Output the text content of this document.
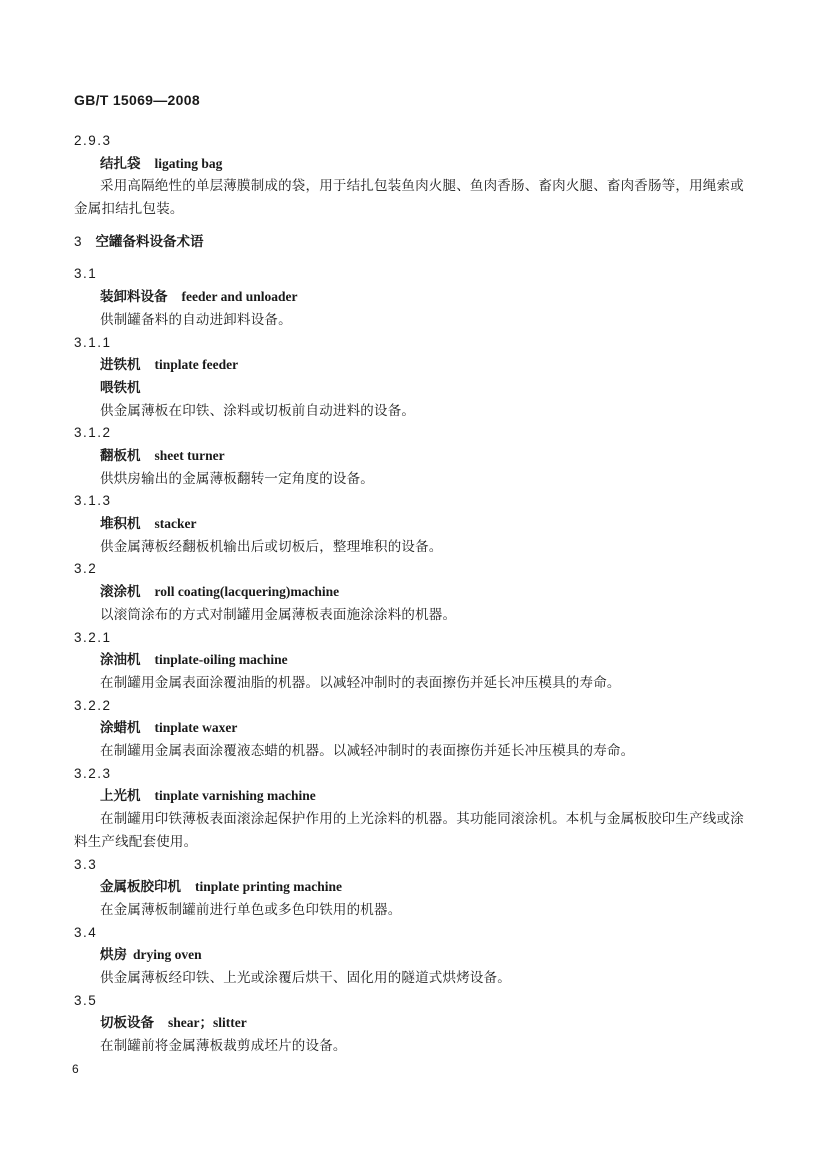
GB/T 15069—2008
2.9.3
结扎袋 ligating bag
采用高隔绝性的单层薄膜制成的袋，用于结扎包装鱼肉火腿、鱼肉香肠、畜肉火腿、畜肉香肠等，用绳索或金属扣结扎包装。
3 空罐备料设备术语
3.1
装卸料设备 feeder and unloader
供制罐备料的自动进卸料设备。
3.1.1
进铁机 tinplate feeder
喂铁机
供金属薄板在印铁、涂料或切板前自动进料的设备。
3.1.2
翻板机 sheet turner
供烘房输出的金属薄板翻转一定角度的设备。
3.1.3
堆积机 stacker
供金属薄板经翻板机输出后或切板后，整理堆积的设备。
3.2
滚涂机 roll coating(lacquering)machine
以滚筒涂布的方式对制罐用金属薄板表面施涂涂料的机器。
3.2.1
涂油机 tinplate-oiling machine
在制罐用金属表面涂覆油脂的机器。以减轻冲制时的表面擦伤并延长冲压模具的寿命。
3.2.2
涂蜡机 tinplate waxer
在制罐用金属表面涂覆液态蜡的机器。以减轻冲制时的表面擦伤并延长冲压模具的寿命。
3.2.3
上光机 tinplate varnishing machine
在制罐用印铁薄板表面滚涂起保护作用的上光涂料的机器。其功能同滚涂机。本机与金属板胶印生产线或涂料生产线配套使用。
3.3
金属板胶印机 tinplate printing machine
在金属薄板制罐前进行单色或多色印铁用的机器。
3.4
烘房 drying oven
供金属薄板经印铁、上光或涂覆后烘干、固化用的隧道式烘烤设备。
3.5
切板设备 shear；slitter
在制罐前将金属薄板裁剪成坯片的设备。
6
